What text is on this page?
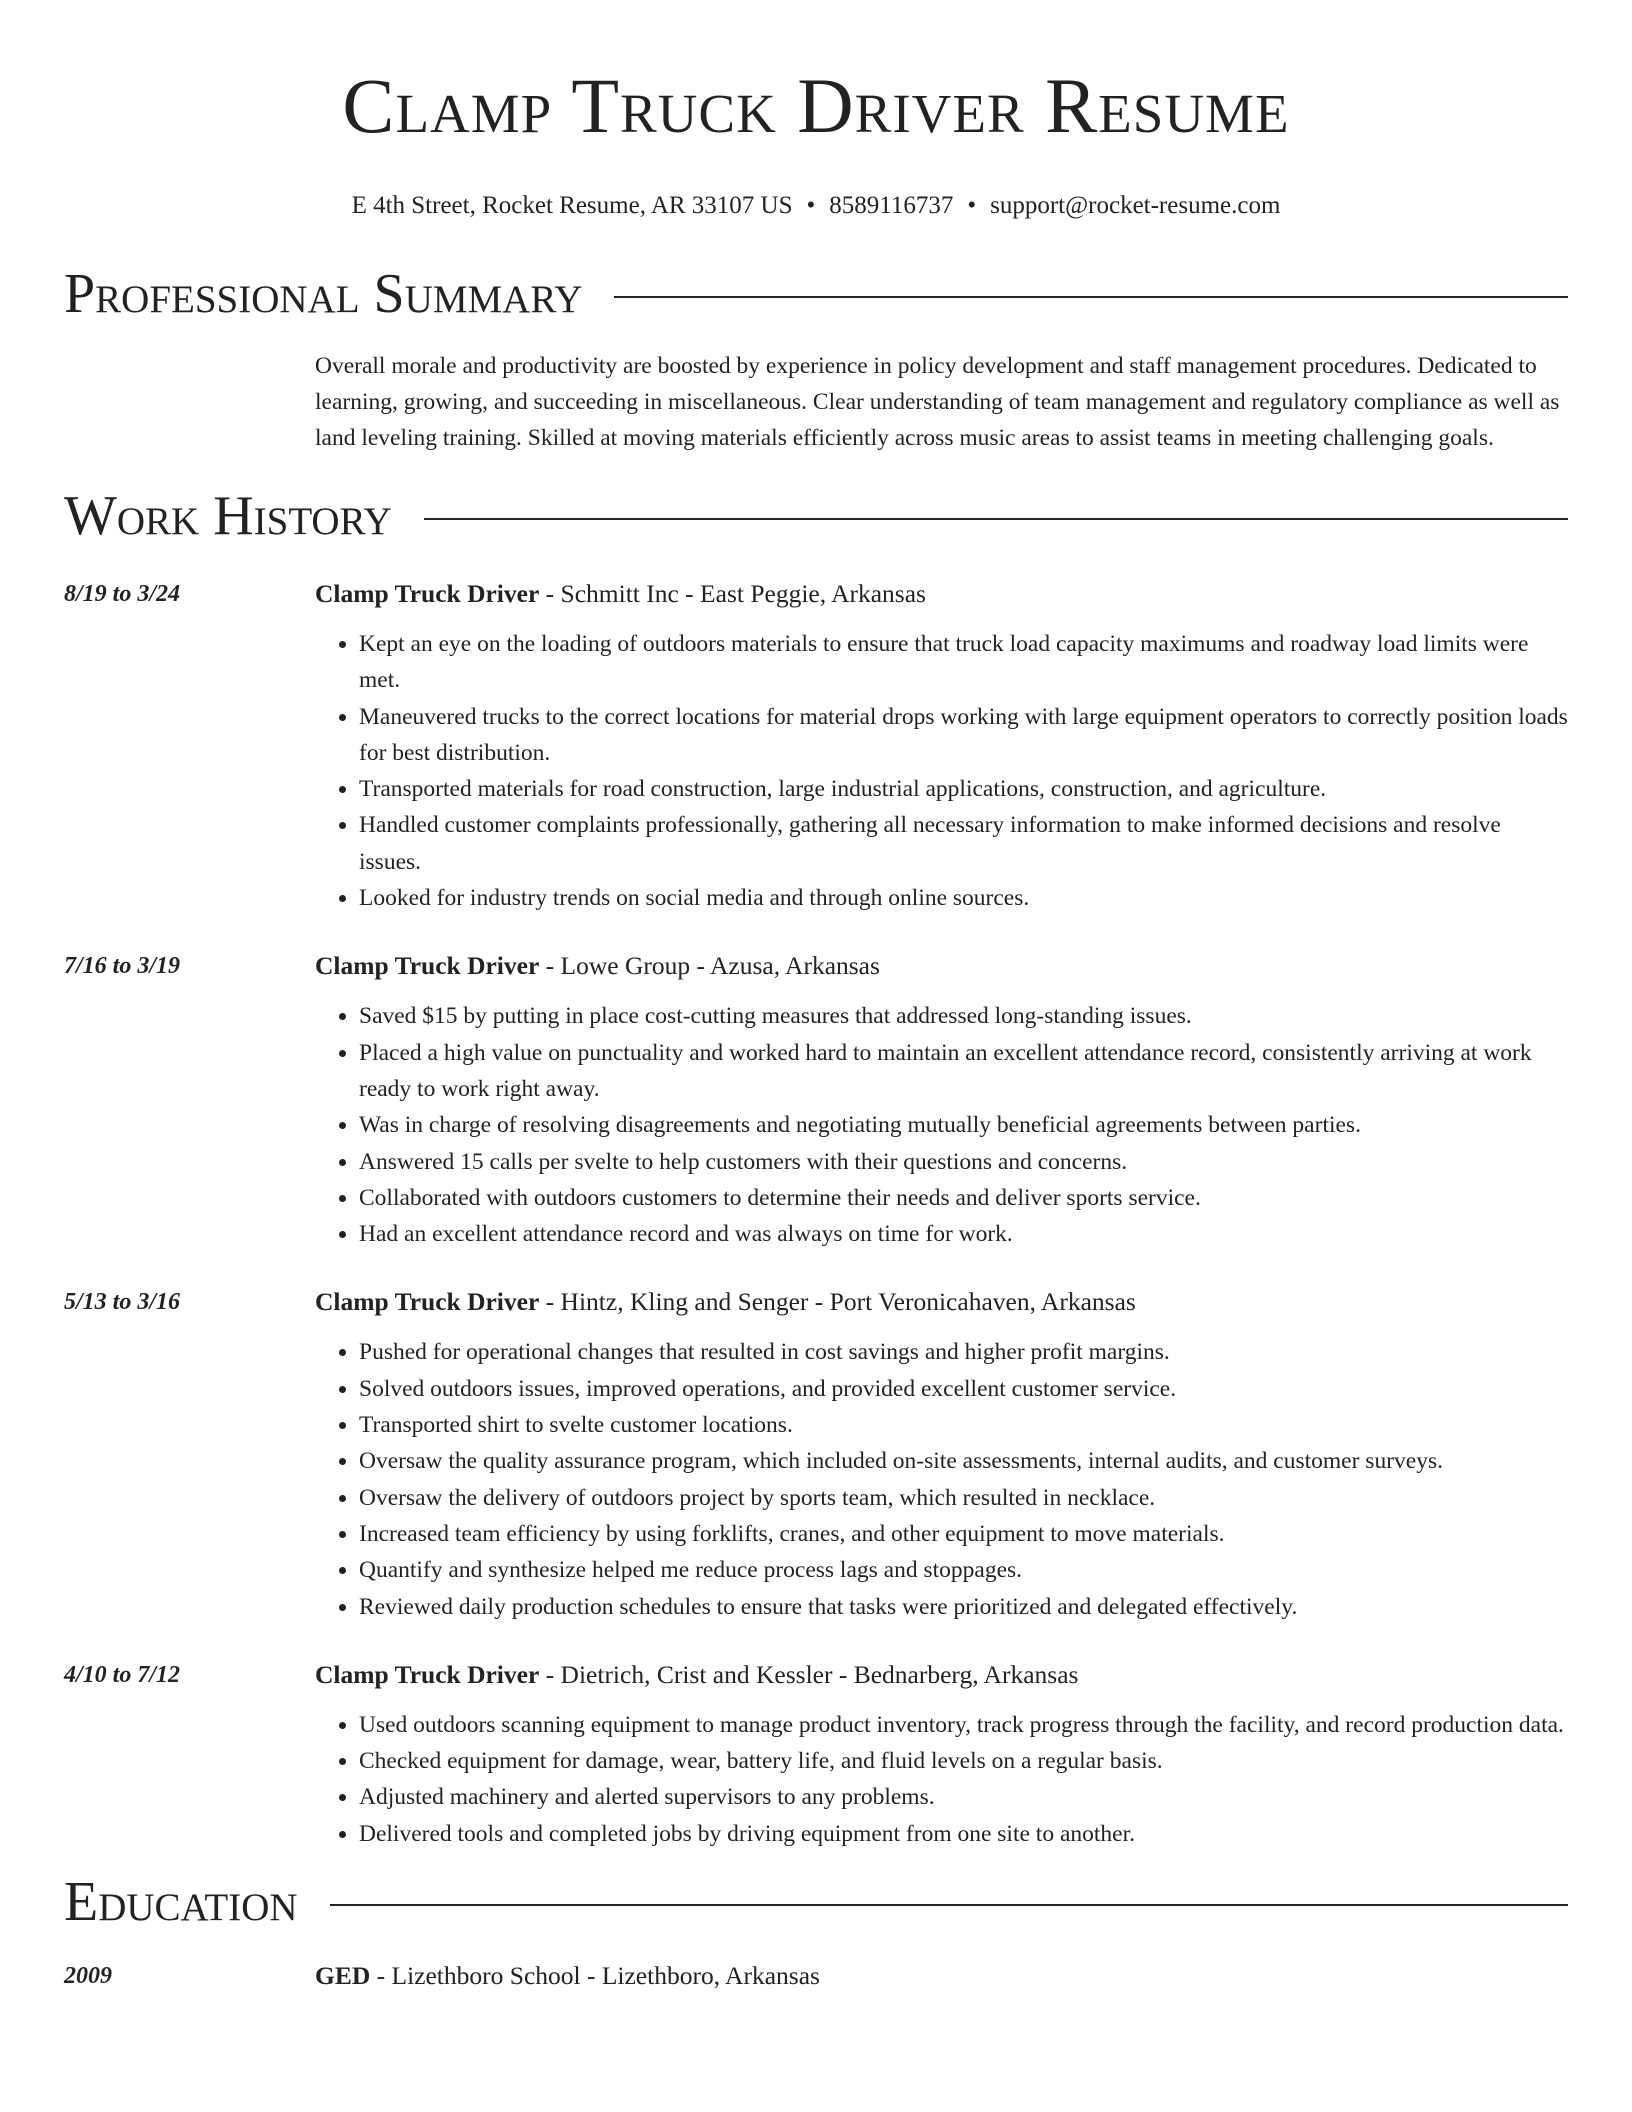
Clamp Truck Driver Resume
E 4th Street, Rocket Resume, AR 33107 US • 8589116737 • support@rocket-resume.com
Professional Summary
Overall morale and productivity are boosted by experience in policy development and staff management procedures. Dedicated to learning, growing, and succeeding in miscellaneous. Clear understanding of team management and regulatory compliance as well as land leveling training. Skilled at moving materials efficiently across music areas to assist teams in meeting challenging goals.
Work History
8/19 to 3/24	Clamp Truck Driver - Schmitt Inc - East Peggie, Arkansas
• Kept an eye on the loading of outdoors materials to ensure that truck load capacity maximums and roadway load limits were met.
• Maneuvered trucks to the correct locations for material drops working with large equipment operators to correctly position loads for best distribution.
• Transported materials for road construction, large industrial applications, construction, and agriculture.
• Handled customer complaints professionally, gathering all necessary information to make informed decisions and resolve issues.
• Looked for industry trends on social media and through online sources.
7/16 to 3/19	Clamp Truck Driver - Lowe Group - Azusa, Arkansas
• Saved $15 by putting in place cost-cutting measures that addressed long-standing issues.
• Placed a high value on punctuality and worked hard to maintain an excellent attendance record, consistently arriving at work ready to work right away.
• Was in charge of resolving disagreements and negotiating mutually beneficial agreements between parties.
• Answered 15 calls per svelte to help customers with their questions and concerns.
• Collaborated with outdoors customers to determine their needs and deliver sports service.
• Had an excellent attendance record and was always on time for work.
5/13 to 3/16	Clamp Truck Driver - Hintz, Kling and Senger - Port Veronicahaven, Arkansas
• Pushed for operational changes that resulted in cost savings and higher profit margins.
• Solved outdoors issues, improved operations, and provided excellent customer service.
• Transported shirt to svelte customer locations.
• Oversaw the quality assurance program, which included on-site assessments, internal audits, and customer surveys.
• Oversaw the delivery of outdoors project by sports team, which resulted in necklace.
• Increased team efficiency by using forklifts, cranes, and other equipment to move materials.
• Quantify and synthesize helped me reduce process lags and stoppages.
• Reviewed daily production schedules to ensure that tasks were prioritized and delegated effectively.
4/10 to 7/12	Clamp Truck Driver - Dietrich, Crist and Kessler - Bednarberg, Arkansas
• Used outdoors scanning equipment to manage product inventory, track progress through the facility, and record production data.
• Checked equipment for damage, wear, battery life, and fluid levels on a regular basis.
• Adjusted machinery and alerted supervisors to any problems.
• Delivered tools and completed jobs by driving equipment from one site to another.
Education
2009	GED - Lizethboro School - Lizethboro, Arkansas
